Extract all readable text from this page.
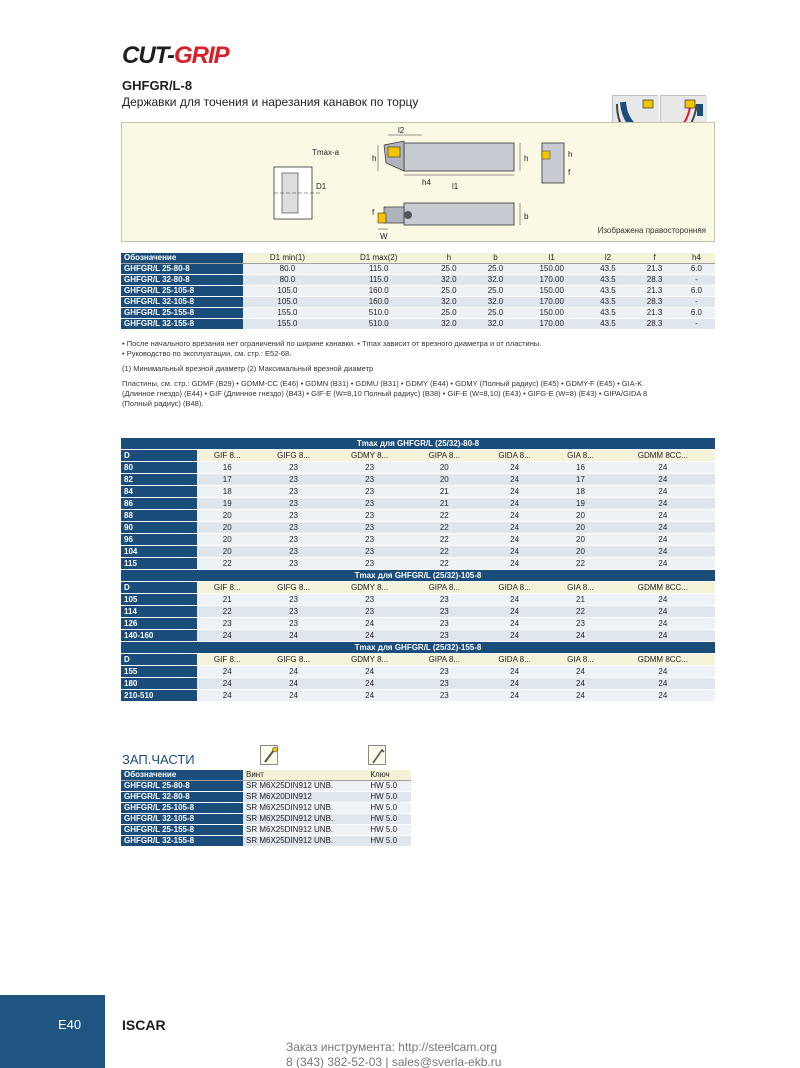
CUT-GRIP
GHFGR/L-8
Державки для точения и нарезания канавок по торцу
l2
Tmax-a
h	h
D1	h4	l1
f	b
W
h
f
Изображена правосторонняя
Обозначение	D1 min(1)	D1 max(2)	h	b	l1	l2	f	h4
GHFGR/L 25-80-8	80.0	115.0	25.0	25.0	150.00	43.5	21.3	6.0
GHFGR/L 32-80-8	80.0	115.0	32.0	32.0	170.00	43.5	28.3	-
GHFGR/L 25-105-8	105.0	160.0	25.0	25.0	150.00	43.5	21.3	6.0
GHFGR/L 32-105-8	105.0	160.0	32.0	32.0	170.00	43.5	28.3	-
GHFGR/L 25-155-8	155.0	510.0	25.0	25.0	150.00	43.5	21.3	6.0
GHFGR/L 32-155-8	155.0	510.0	32.0	32.0	170.00	43.5	28.3	-
• После начального врезания нет ограничений по ширине канавки. • Tmax зависит от врезного диаметра и от пластины.
• Руководство по эксплуатации, см. стр.: E52-68.
(1) Минимальный врезной диаметр (2) Максимальный врезной диаметр
Пластины, см. стр.: GDMF (B29) • GDMM-CC (E46) • GDMN (B31) • GDMU (B31) • GDMY (E44) • GDMY (Полный радиус) (E45) • GDMY-F (E45) • GIA-K
(Длинное гнездо) (E44) • GIF (Длинное гнездо) (B43) • GIF-E (W=8,10 Полный радиус) (B38) • GIF-E (W=8,10) (E43) • GIFG-E (W=8) (E43) • GIPA/GIDA 8
(Полный радиус) (B48).
Tmax для GHFGR/L (25/32)-80-8							
D	GIF 8...	GIFG 8...	GDMY 8...	GIPA 8...	GIDA 8...	GIA 8...	GDMM 8CC...
80	16	23	23	20	24	16	24
82	17	23	23	20	24	17	24
84	18	23	23	21	24	18	24
86	19	23	23	21	24	19	24
88	20	23	23	22	24	20	24
90	20	23	23	22	24	20	24
96	20	23	23	22	24	20	24
104	20	23	23	22	24	20	24
115	22	23	23	22	24	22	24
Tmax для GHFGR/L (25/32)-105-8							
D	GIF 8...	GIFG 8...	GDMY 8...	GIPA 8...	GIDA 8...	GIA 8...	GDMM 8CC...
105	21	23	23	23	24	21	24
114	22	23	23	23	24	22	24
126	23	23	24	23	24	23	24
140-160	24	24	24	23	24	24	24
Tmax для GHFGR/L (25/32)-155-8							
D	GIF 8...	GIFG 8...	GDMY 8...	GIPA 8...	GIDA 8...	GIA 8...	GDMM 8CC...
155	24	24	24	23	24	24	24
180	24	24	24	23	24	24	24
210-510	24	24	24	23	24	24	24
ЗАП.ЧАСТИ
Обозначение	Винт	Ключ
GHFGR/L 25-80-8	SR M6X25DIN912 UNB.	HW 5.0
GHFGR/L 32-80-8	SR M6X20DIN912	HW 5.0
GHFGR/L 25-105-8	SR M6X25DIN912 UNB.	HW 5.0
GHFGR/L 32-105-8	SR M6X25DIN912 UNB.	HW 5.0
GHFGR/L 25-155-8	SR M6X25DIN912 UNB.	HW 5.0
GHFGR/L 32-155-8	SR M6X25DIN912 UNB.	HW 5.0
E40	ISCAR
Заказ инструмента: http://steelcam.org
8 (343) 382-52-03 | sales@sverla-ekb.ru
